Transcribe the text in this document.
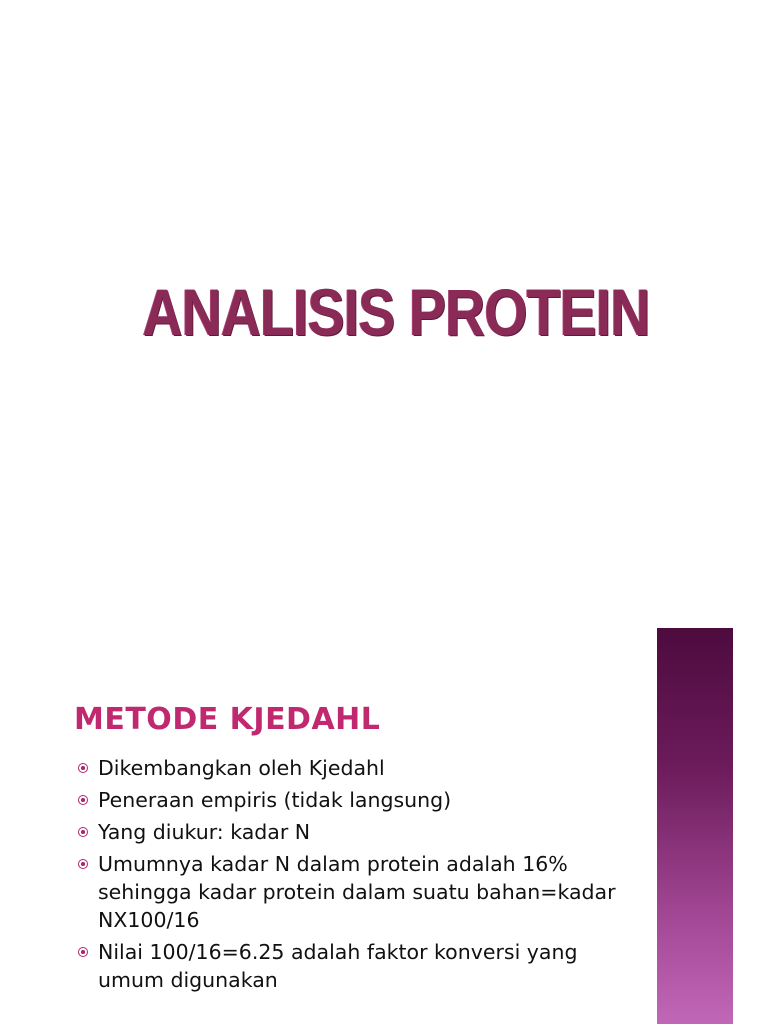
ANALISIS PROTEIN
METODE KJEDAHL
Dikembangkan oleh Kjedahl
Peneraan empiris (tidak langsung)
Yang diukur: kadar N
Umumnya kadar N dalam protein adalah 16% sehingga kadar protein dalam suatu bahan=kadar NX100/16
Nilai 100/16=6.25 adalah faktor konversi yang umum digunakan
